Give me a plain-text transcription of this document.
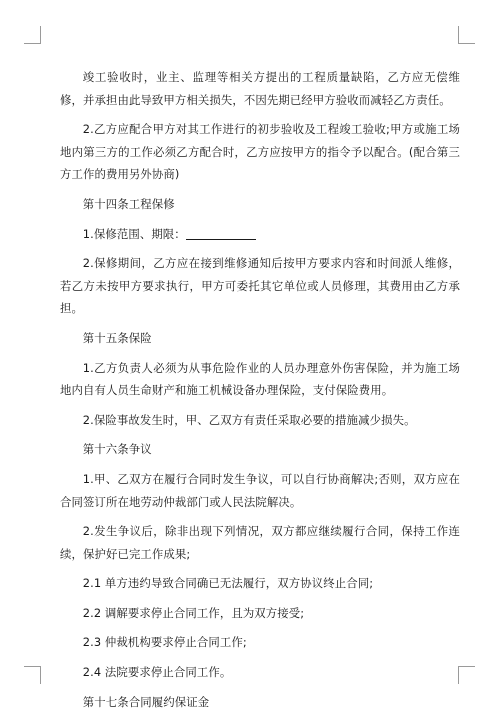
竣工验收时，业主、监理等相关方提出的工程质量缺陷，乙方应无偿维修，并承担由此导致甲方相关损失，不因先期已经甲方验收而减轻乙方责任。

2.乙方应配合甲方对其工作进行的初步验收及工程竣工验收;甲方或施工场地内第三方的工作必须乙方配合时，乙方应按甲方的指令予以配合。(配合第三方工作的费用另外协商)

第十四条工程保修

1.保修范围、期限：

2.保修期间，乙方应在接到维修通知后按甲方要求内容和时间派人维修，若乙方未按甲方要求执行，甲方可委托其它单位或人员修理，其费用由乙方承担。

第十五条保险

1.乙方负责人必须为从事危险作业的人员办理意外伤害保险，并为施工场地内自有人员生命财产和施工机械设备办理保险，支付保险费用。

2.保险事故发生时，甲、乙双方有责任采取必要的措施减少损失。

第十六条争议

1.甲、乙双方在履行合同时发生争议，可以自行协商解决;否则，双方应在合同签订所在地劳动仲裁部门或人民法院解决。

2.发生争议后，除非出现下列情况，双方都应继续履行合同，保持工作连续，保护好已完工作成果;

2.1 单方违约导致合同确已无法履行，双方协议终止合同;

2.2 调解要求停止合同工作，且为双方接受;

2.3 仲裁机构要求停止合同工作;

2.4 法院要求停止合同工作。

第十七条合同履约保证金
